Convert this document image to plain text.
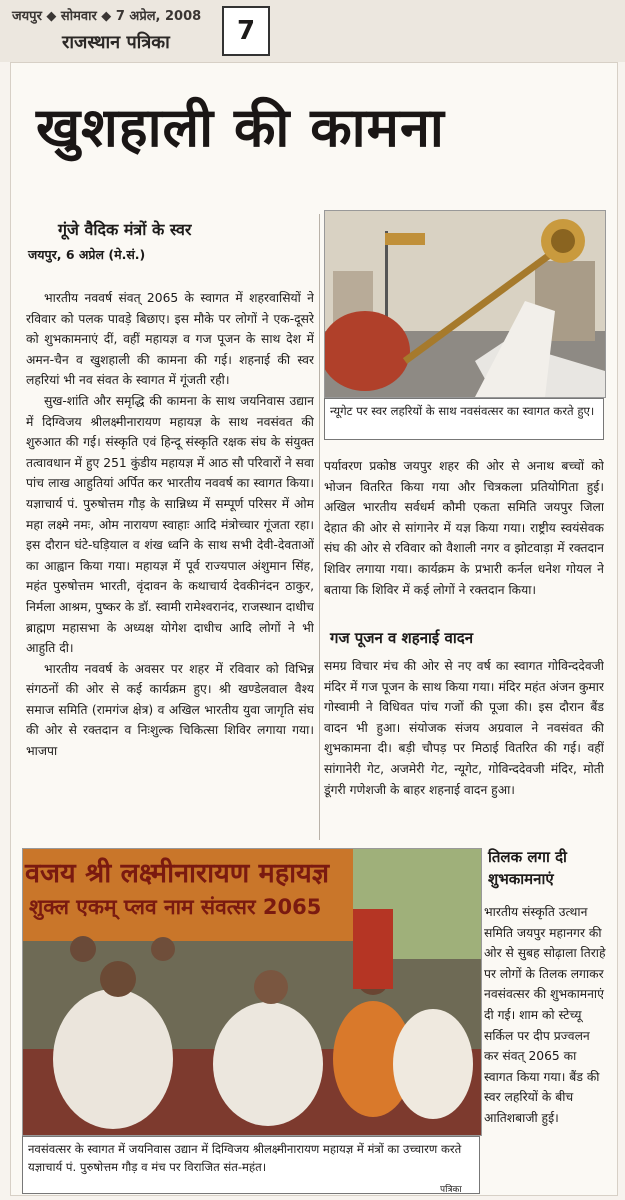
जयपुर ◆ सोमवार ◆ 7 अप्रेल, 2008
राजस्थान पत्रिका	7
खुशहाली की कामना
गूंजे वैदिक मंत्रों के स्वर
जयपुर, 6 अप्रेल (मे.सं.)

भारतीय नववर्ष संवत् 2065 के स्वागत में शहरवासियों ने रविवार को पलक पावड़े बिछाए। इस मौके पर लोगों ने एक-दूसरे को शुभकामनाएं दीं, वहीं महायज्ञ व गज पूजन के साथ देश में अमन-चैन व खुशहाली की कामना की गई। शहनाई की स्वर लहरियां भी नव संवत के स्वागत में गूंजती रही।

सुख-शांति और समृद्धि की कामना के साथ जयनिवास उद्यान में दिग्विजय श्रीलक्ष्मीनारायण महायज्ञ के साथ नवसंवत की शुरुआत की गई। संस्कृति एवं हिन्दू संस्कृति रक्षक संघ के संयुक्त तत्वावधान में हुए 251 कुंडीय महायज्ञ में आठ सौ परिवारों ने सवा पांच लाख आहुतियां अर्पित कर भारतीय नववर्ष का स्वागत किया। यज्ञाचार्य पं. पुरुषोत्तम गौड़ के सान्निध्य में सम्पूर्ण परिसर में ओम महा लक्ष्मे नमः, ओम नारायण स्वाहाः आदि मंत्रोच्चार गूंजता रहा। इस दौरान घंटे-घड़ियाल व शंख ध्वनि के साथ सभी देवी-देवताओं का आह्वान किया गया। महायज्ञ में पूर्व राज्यपाल अंशुमान सिंह, महंत पुरुषोत्तम भारती, वृंदावन के कथाचार्य देवकीनंदन ठाकुर, निर्मला आश्रम, पुष्कर के डॉ. स्वामी रामेश्वरानंद, राजस्थान दाधीच ब्राह्मण महासभा के अध्यक्ष योगेश दाधीच आदि लोगों ने भी आहुति दी।

भारतीय नववर्ष के अवसर पर शहर में रविवार को विभिन्न संगठनों की ओर से कई कार्यक्रम हुए। श्री खण्डेलवाल वैश्य समाज समिति (रामगंज क्षेत्र) व अखिल भारतीय युवा जागृति संघ की ओर से रक्तदान व निःशुल्क चिकित्सा शिविर लगाया गया। भाजपा

न्यूगेट पर स्वर लहरियों के साथ नवसंवत्सर का स्वागत करते हुए।
पर्यावरण प्रकोष्ठ जयपुर शहर की ओर से अनाथ बच्चों को भोजन वितरित किया गया और चित्रकला प्रतियोगिता हुई। अखिल भारतीय सर्वधर्म कौमी एकता समिति जयपुर जिला देहात की ओर से सांगानेर में यज्ञ किया गया। राष्ट्रीय स्वयंसेवक संघ की ओर से रविवार को वैशाली नगर व झोटवाड़ा में रक्तदान शिविर लगाया गया। कार्यक्रम के प्रभारी कर्नल धनेश गोयल ने बताया कि शिविर में कई लोगों ने रक्तदान किया।
गज पूजन व शहनाई वादन
समग्र विचार मंच की ओर से नए वर्ष का स्वागत गोविन्ददेवजी मंदिर में गज पूजन के साथ किया गया। मंदिर महंत अंजन कुमार गोस्वामी ने विधिवत पांच गजों की पूजा की। इस दौरान बैंड वादन भी हुआ। संयोजक संजय अग्रवाल ने नवसंवत की शुभकामना दी। बड़ी चौपड़ पर मिठाई वितरित की गई। वहीं सांगानेरी गेट, अजमेरी गेट, न्यूगेट, गोविन्ददेवजी मंदिर, मोती डूंगरी गणेशजी के बाहर शहनाई वादन हुआ।
वजय श्री लक्ष्मीनारायण महायज्ञ
शुक्ल एकम् प्लव नाम संवत्सर 2065
तिलक लगा दी
शुभकामनाएं
भारतीय संस्कृति उत्थान समिति जयपुर महानगर की ओर से सुबह सोढ़ाला तिराहे पर लोगों के तिलक लगाकर नवसंवत्सर की शुभकामनाएं दी गई। शाम को स्टेच्यू सर्किल पर दीप प्रज्वलन कर संवत् 2065 का स्वागत किया गया। बैंड की स्वर लहरियों के बीच आतिशबाजी हुई।
नवसंवत्सर के स्वागत में जयनिवास उद्यान में दिग्विजय श्रीलक्ष्मीनारायण महायज्ञ में मंत्रों का उच्चारण करते यज्ञाचार्य पं. पुरुषोत्तम गौड़ व मंच पर विराजित संत-महंत।
पत्रिका
